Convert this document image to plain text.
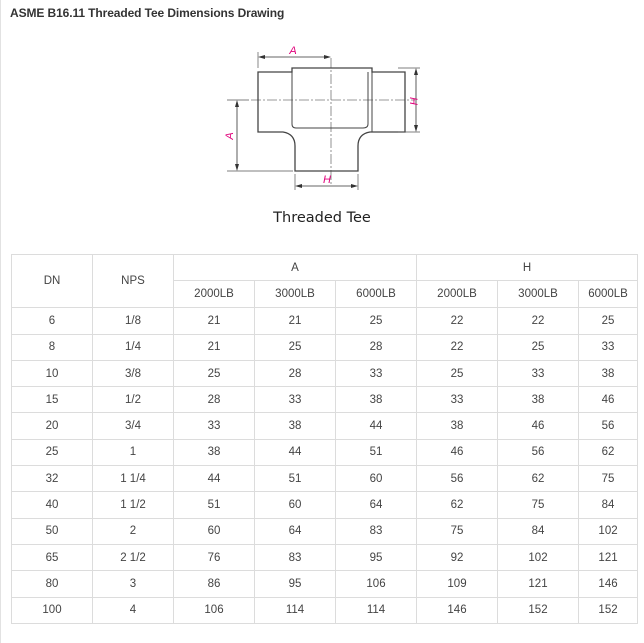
ASME B16.11 Threaded Tee Dimensions Drawing
A
H
A
H
Threaded Tee
DN	NPS	A			H		
		2000LB	3000LB	6000LB	2000LB	3000LB	6000LB
6	1/8	21	21	25	22	22	25
8	1/4	21	25	28	22	25	33
10	3/8	25	28	33	25	33	38
15	1/2	28	33	38	33	38	46
20	3/4	33	38	44	38	46	56
25	1	38	44	51	46	56	62
32	1 1/4	44	51	60	56	62	75
40	1 1/2	51	60	64	62	75	84
50	2	60	64	83	75	84	102
65	2 1/2	76	83	95	92	102	121
80	3	86	95	106	109	121	146
100	4	106	114	114	146	152	152
